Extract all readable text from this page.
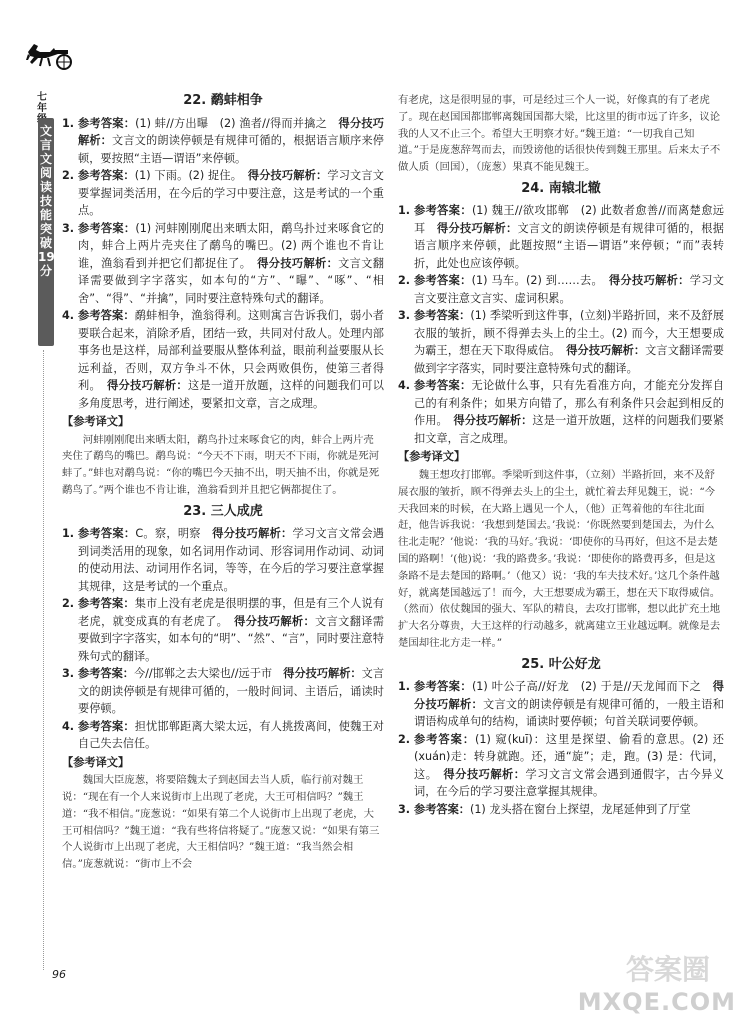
七年
文言文阅读技能突破196分
96
22. 鹬蚌相争

1. 参考答案：(1) 蚌//方出曝　(2) 渔者//得而并擒之　 得分技巧解析：文言文的朗读停顿是有规律可循的，根据语言顺序来停顿，要按照“主语—谓语”来停顿。

2. 参考答案：(1) 下雨。(2) 捉住。　 得分技巧解析：学习文言文要掌握词类活用，在今后的学习中要注意，这是考试的一个重点。

3. 参考答案：(1) 河蚌刚刚爬出来晒太阳，鹬鸟扑过来啄食它的肉，蚌合上两片壳夹住了鹬鸟的嘴巴。(2) 两个谁也不肯让谁，渔翁看到并把它们都捉住了。　 得分技巧解析：文言文翻译需要做到字字落实，如本句的“方”、“曝”、“啄”、“相舍”、“得”、“并擒”，同时要注意特殊句式的翻译。

4. 参考答案：鹬蚌相争，渔翁得利。这则寓言告诉我们，弱小者要联合起来，消除矛盾，团结一致，共同对付敌人。处理内部事务也是这样，局部利益要服从整体利益，眼前利益要服从长远利益，否则，双方争斗不休，只会两败俱伤，使第三者得利。　 得分技巧解析：这是一道开放题，这样的问题我们可以多角度思考，进行阐述，要紧扣文章，言之成理。

【参考译文】

河蚌刚刚爬出来晒太阳，鹬鸟扑过来啄食它的肉，蚌合上两片壳夹住了鹬鸟的嘴巴。鹬鸟说：“今天不下雨，明天不下雨，你就是死河蚌了。”蚌也对鹬鸟说：“你的嘴巴今天抽不出，明天抽不出，你就是死鹬鸟了。”两个谁也不肯让谁，渔翁看到并且把它俩都捉住了。

23. 三人成虎

1. 参考答案：C。察，明察　 得分技巧解析：学习文言文常会遇到词类活用的现象，如名词用作动词、形容词用作动词、动词的使动用法、动词用作名词，等等，在今后的学习要注意掌握其规律，这是考试的一个重点。

2. 参考答案：集市上没有老虎是很明摆的事，但是有三个人说有老虎，就变成真的有老虎了。　 得分技巧解析：文言文翻译需要做到字字落实，如本句的“明”、“然”、“言”，同时要注意特殊句式的翻译。

3. 参考答案：今//邯郸之去大梁也//远于市　 得分技巧解析：文言文的朗读停顿是有规律可循的，一般时间词、主语后，诵读时要停顿。

4. 参考答案：担忧邯郸距离大梁太远，有人挑拨离间，使魏王对自己失去信任。

【参考译文】

魏国大臣庞葱，将要陪魏太子到赵国去当人质，临行前对魏王说：“现在有一个人来说街市上出现了老虎，大王可相信吗？”魏王道：“我不相信。”庞葱说：“如果有第二个人说街市上出现了老虎，大王可相信吗？”魏王道：“我有些将信将疑了。”庞葱又说：“如果有第三个人说街市上出现了老虎，大王相信吗？”魏王道：“我当然会相信。”庞葱就说：“街市上不会

有老虎，这是很明显的事，可是经过三个人一说，好像真的有了老虎了。现在赵国国都邯郸离魏国国都大梁，比这里的街市远了许多，议论我的人又不止三个。希望大王明察才好。”魏王道：“一切我自己知道。”于是庞葱辞驾而去，而毁谤他的话很快传到魏王那里。后来太子不做人质（回国），（庞葱）果真不能见魏王。

24. 南辕北辙

1. 参考答案：(1) 魏王//欲攻邯郸　(2) 此数者愈善//而离楚愈远耳　 得分技巧解析：文言文的朗读停顿是有规律可循的，根据语言顺序来停顿，此题按照“主语—谓语”来停顿；“而”表转折，此处也应该停顿。

2. 参考答案：(1) 马车。(2) 到……去。　 得分技巧解析：学习文言文要注意文言实、虚词积累。

3. 参考答案：(1) 季梁听到这件事，(立刻)半路折回，来不及舒展衣服的皱折，顾不得弹去头上的尘土。(2) 而今，大王想要成为霸王，想在天下取得威信。　 得分技巧解析：文言文翻译需要做到字字落实，同时要注意特殊句式的翻译。

4. 参考答案：无论做什么事，只有先看准方向，才能充分发挥自己的有利条件；如果方向错了，那么有利条件只会起到相反的作用。　 得分技巧解析：这是一道开放题，这样的问题我们要紧扣文章，言之成理。

【参考译文】

魏王想攻打邯郸。季梁听到这件事，（立刻）半路折回，来不及舒展衣服的皱折，顾不得弹去头上的尘土，就忙着去拜见魏王，说：“今天我回来的时候，在大路上遇见一个人，（他）正驾着他的车往北面赶，他告诉我说：‘我想到楚国去。’我说：‘你既然要到楚国去，为什么往北走呢？’他说：‘我的马好。’我说：‘即使你的马再好，但这不是去楚国的路啊！’(他)说：‘我的路费多。’我说：‘即使你的路费再多，但是这条路不是去楚国的路啊。’（他又）说：‘我的车夫技术好。’这几个条件越好，就离楚国越远了！而今，大王想要成为霸王，想在天下取得威信。（然而）依仗魏国的强大、军队的精良，去攻打邯郸，想以此扩充土地扩大名分尊贵，大王这样的行动越多，就离建立王业越远啊。就像是去楚国却往北方走一样。”

25. 叶公好龙

1. 参考答案：(1) 叶公子高//好龙　(2) 于是//天龙闻而下之　 得分技巧解析：文言文的朗读停顿是有规律可循的，一般主语和谓语构成单句的结构，诵读时要停顿；句首关联词要停顿。

2. 参考答案：(1) 窥(kuī)：这里是探望、偷看的意思。(2) 还(xuán)走：转身就跑。还，通“旋”；走，跑。(3) 是：代词，这。　 得分技巧解析：学习文言文常会遇到通假字，古今异义词，在今后的学习要注意掌握其规律。

3. 参考答案：(1) 龙头搭在窗台上探望，龙尾延伸到了厅堂

答案圈
MXQE.COM
